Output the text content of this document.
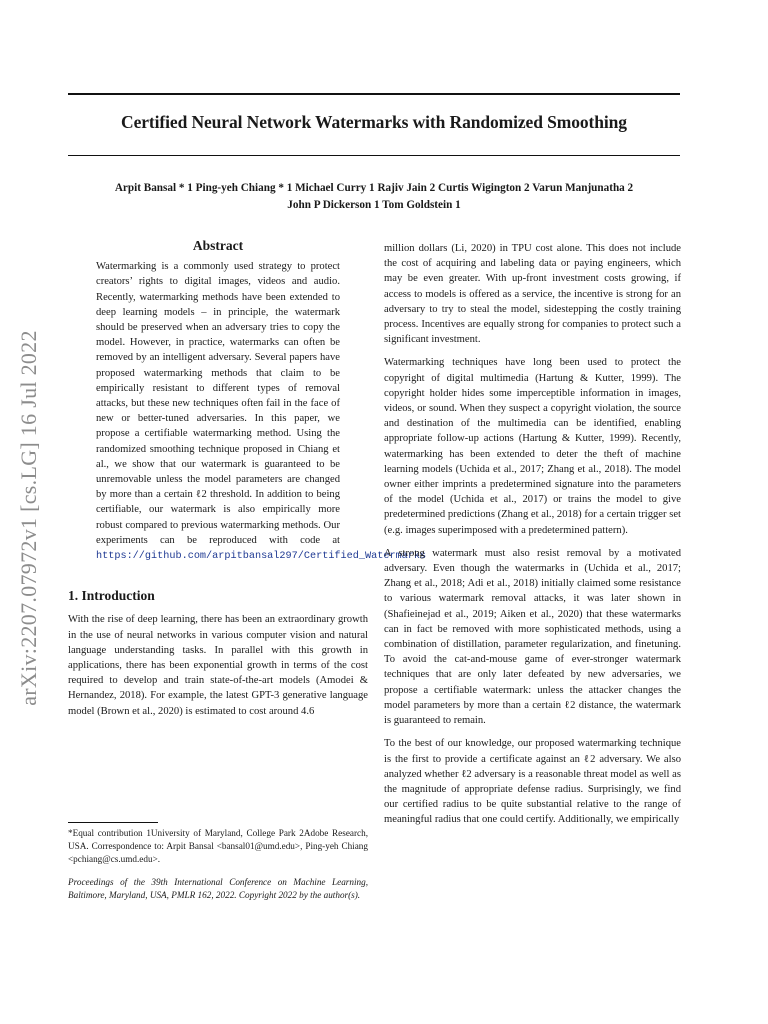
arXiv:2207.07972v1 [cs.LG] 16 Jul 2022
Certified Neural Network Watermarks with Randomized Smoothing
Arpit Bansal * 1 Ping-yeh Chiang * 1 Michael Curry 1 Rajiv Jain 2 Curtis Wigington 2 Varun Manjunatha 2
John P Dickerson 1 Tom Goldstein 1
Abstract

Watermarking is a commonly used strategy to protect creators’ rights to digital images, videos and audio. Recently, watermarking methods have been extended to deep learning models – in principle, the watermark should be preserved when an adversary tries to copy the model. However, in practice, watermarks can often be removed by an intelligent adversary. Several papers have proposed watermarking methods that claim to be empirically resistant to different types of removal attacks, but these new techniques often fail in the face of new or better-tuned adversaries. In this paper, we propose a certifiable watermarking method. Using the randomized smoothing technique proposed in Chiang et al., we show that our watermark is guaranteed to be unremovable unless the model parameters are changed by more than a certain ℓ2 threshold. In addition to being certifiable, our watermark is also empirically more robust compared to previous watermarking methods. Our experiments can be reproduced with code at https://github.com/arpitbansal297/Certified_Watermarks

1. Introduction

With the rise of deep learning, there has been an extraordinary growth in the use of neural networks in various computer vision and natural language understanding tasks. In parallel with this growth in applications, there has been exponential growth in terms of the cost required to develop and train state-of-the-art models (Amodei & Hernandez, 2018). For example, the latest GPT-3 generative language model (Brown et al., 2020) is estimated to cost around 4.6

*Equal contribution 1University of Maryland, College Park 2Adobe Research, USA. Correspondence to: Arpit Bansal <bansal01@umd.edu>, Ping-yeh Chiang <pchiang@cs.umd.edu>.

Proceedings of the 39th International Conference on Machine Learning, Baltimore, Maryland, USA, PMLR 162, 2022. Copyright 2022 by the author(s).

million dollars (Li, 2020) in TPU cost alone. This does not include the cost of acquiring and labeling data or paying engineers, which may be even greater. With up-front investment costs growing, if access to models is offered as a service, the incentive is strong for an adversary to try to steal the model, sidestepping the costly training process. Incentives are equally strong for companies to protect such a significant investment.

Watermarking techniques have long been used to protect the copyright of digital multimedia (Hartung & Kutter, 1999). The copyright holder hides some imperceptible information in images, videos, or sound. When they suspect a copyright violation, the source and destination of the multimedia can be identified, enabling appropriate follow-up actions (Hartung & Kutter, 1999). Recently, watermarking has been extended to deter the theft of machine learning models (Uchida et al., 2017; Zhang et al., 2018). The model owner either imprints a predetermined signature into the parameters of the model (Uchida et al., 2017) or trains the model to give predetermined predictions (Zhang et al., 2018) for a certain trigger set (e.g. images superimposed with a predetermined pattern).

A strong watermark must also resist removal by a motivated adversary. Even though the watermarks in (Uchida et al., 2017; Zhang et al., 2018; Adi et al., 2018) initially claimed some resistance to various watermark removal attacks, it was later shown in (Shafieinejad et al., 2019; Aiken et al., 2020) that these watermarks can in fact be removed with more sophisticated methods, using a combination of distillation, parameter regularization, and finetuning. To avoid the cat-and-mouse game of ever-stronger watermark techniques that are only later defeated by new adversaries, we propose a certifiable watermark: unless the attacker changes the model parameters by more than a certain ℓ2 distance, the watermark is guaranteed to remain.

To the best of our knowledge, our proposed watermarking technique is the first to provide a certificate against an ℓ2 adversary. We also analyzed whether ℓ2 adversary is a reasonable threat model as well as the magnitude of appropriate defense radius. Surprisingly, we find our certified radius to be quite substantial relative to the range of meaningful radius that one could certify. Additionally, we empirically
